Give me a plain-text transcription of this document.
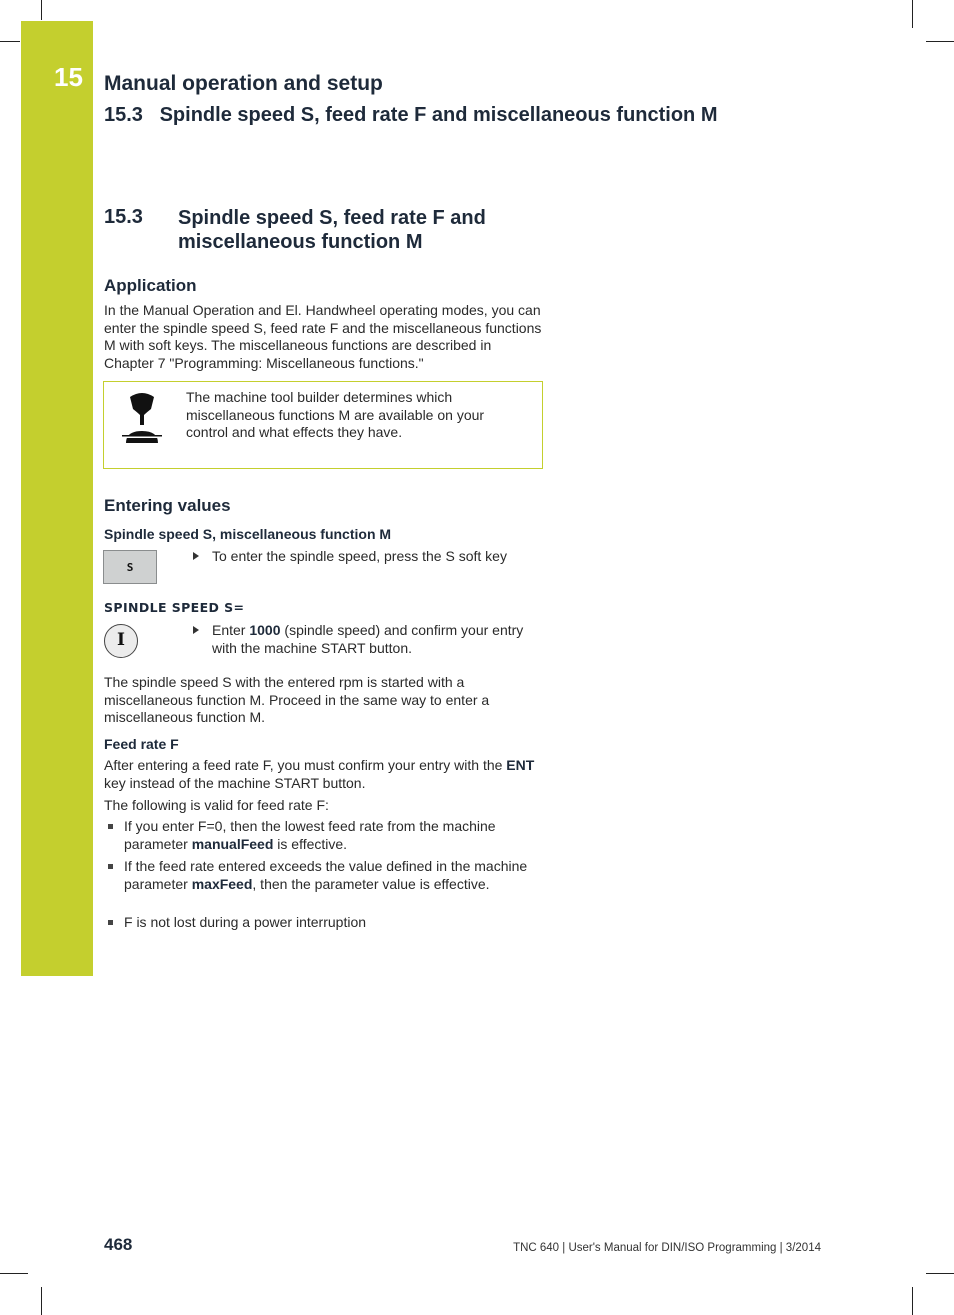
15 Manual operation and setup
15.3   Spindle speed S, feed rate F and miscellaneous function M
15.3 Spindle speed S, feed rate F and miscellaneous function M
Application
In the Manual Operation and El. Handwheel operating modes, you can enter the spindle speed S, feed rate F and the miscellaneous functions M with soft keys. The miscellaneous functions are described in Chapter 7 "Programming: Miscellaneous functions."
The machine tool builder determines which miscellaneous functions M are available on your control and what effects they have.
Entering values
Spindle speed S, miscellaneous function M
S
To enter the spindle speed, press the S soft key
SPINDLE SPEED S=
I	Enter 1000 (spindle speed) and confirm your entry with the machine START button.
The spindle speed S with the entered rpm is started with a miscellaneous function M. Proceed in the same way to enter a miscellaneous function M.
Feed rate F
After entering a feed rate F, you must confirm your entry with the ENT key instead of the machine START button.
The following is valid for feed rate F:
If you enter F=0, then the lowest feed rate from the machine parameter manualFeed is effective.
If the feed rate entered exceeds the value defined in the machine parameter maxFeed, then the parameter value is effective.
F is not lost during a power interruption
468	TNC 640 | User's Manual for DIN/ISO Programming | 3/2014
